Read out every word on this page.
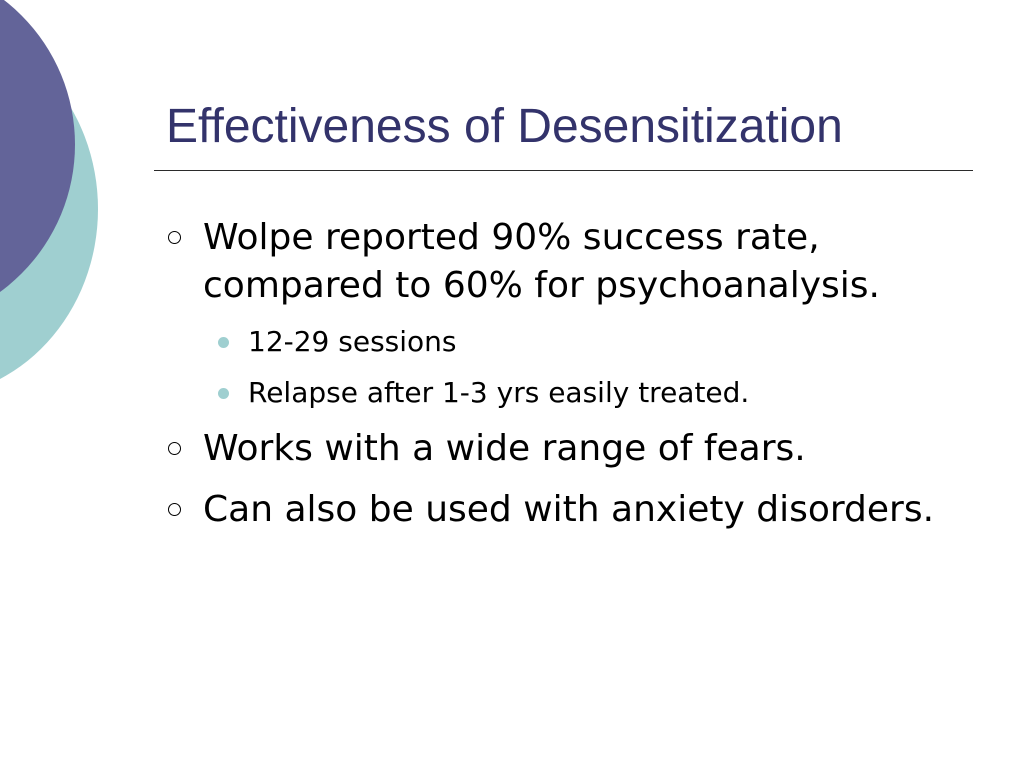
Effectiveness of Desensitization
Wolpe reported 90% success rate, compared to 60% for psychoanalysis.
12-29 sessions
Relapse after 1-3 yrs easily treated.
Works with a wide range of fears.
Can also be used with anxiety disorders.
